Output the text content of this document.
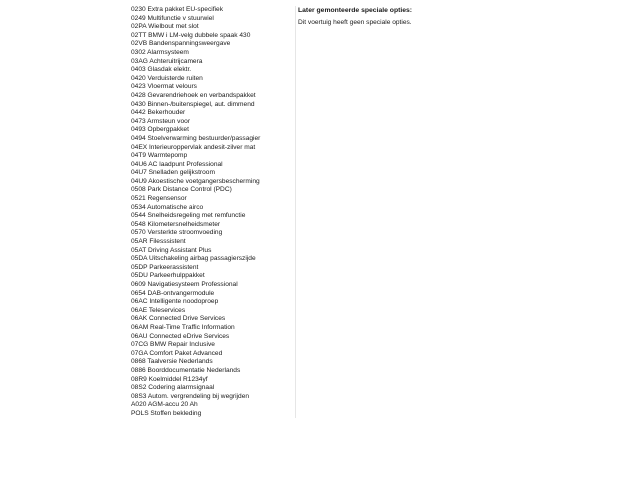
0230 Extra pakket EU-specifiek
0249 Multifunctie v stuurwiel
02PA Wielbout met slot
02TT BMW i LM-velg dubbele spaak 430
02VB Bandenspanningsweergave
0302 Alarmsysteem
03AG Achteruitrijcamera
0403 Glasdak elektr.
0420 Verduisterde ruiten
0423 Vloermat velours
0428 Gevarendriehoek en verbandspakket
0430 Binnen-/buitenspiegel, aut. dimmend
0442 Bekerhouder
0473 Armsteun voor
0493 Opbergpakket
0494 Stoelverwarming bestuurder/passagier
04EX Interieuroppervlak andesit-zilver mat
04T9 Warmtepomp
04U6 AC laadpunt Professional
04U7 Snelladen gelijkstroom
04U9 Akoestische voetgangersbescherming
0508 Park Distance Control (PDC)
0521 Regensensor
0534 Automatische airco
0544 Snelheidsregeling met remfunctie
0548 Kilometersnelheidsmeter
0570 Versterkte stroomvoeding
05AR Filesssistent
05AT Driving Assistant Plus
05DA Uitschakeling airbag passagierszijde
05DP Parkeerassistent
05DU Parkeerhulppakket
0609 Navigatiesysteem Professional
0654 DAB-ontvangermodule
06AC Intelligente noodoproep
06AE Teleservices
06AK Connected Drive Services
06AM Real-Time Traffic Information
06AU Connected eDrive Services
07CG BMW Repair Inclusive
07GA Comfort Paket Advanced
0868 Taalversie Nederlands
0886 Boorddocumentatie Nederlands
08R9 Koelmiddel R1234yf
08S2 Codering alarmsignaal
08S3 Autom. vergrendeling bij wegrijden
A020 AGM-accu 20 Ah
POLS Stoffen bekleding

Later gemonteerde speciale opties:

Dit voertuig heeft geen speciale opties.
